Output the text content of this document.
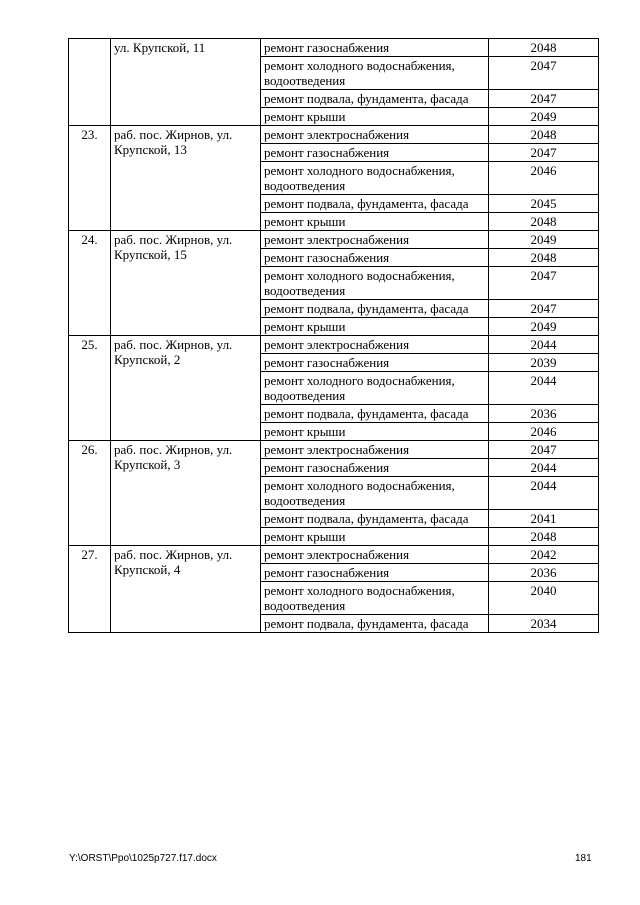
	ул. Крупской, 11	ремонт газоснабжения	2048
		ремонт холодного водоснабжения, водоотведения	2047
		ремонт подвала, фундамента, фасада	2047
		ремонт крыши	2049
23.	раб. пос. Жирнов, ул. Крупской, 13	ремонт электроснабжения	2048
		ремонт газоснабжения	2047
		ремонт холодного водоснабжения, водоотведения	2046
		ремонт подвала, фундамента, фасада	2045
		ремонт крыши	2048
24.	раб. пос. Жирнов, ул. Крупской, 15	ремонт электроснабжения	2049
		ремонт газоснабжения	2048
		ремонт холодного водоснабжения, водоотведения	2047
		ремонт подвала, фундамента, фасада	2047
		ремонт крыши	2049
25.	раб. пос. Жирнов, ул. Крупской, 2	ремонт электроснабжения	2044
		ремонт газоснабжения	2039
		ремонт холодного водоснабжения, водоотведения	2044
		ремонт подвала, фундамента, фасада	2036
		ремонт крыши	2046
26.	раб. пос. Жирнов, ул. Крупской, 3	ремонт электроснабжения	2047
		ремонт газоснабжения	2044
		ремонт холодного водоснабжения, водоотведения	2044
		ремонт подвала, фундамента, фасада	2041
		ремонт крыши	2048
27.	раб. пос. Жирнов, ул. Крупской, 4	ремонт электроснабжения	2042
		ремонт газоснабжения	2036
		ремонт холодного водоснабжения, водоотведения	2040
		ремонт подвала, фундамента, фасада	2034
Y:\ORST\Ppo\1025p727.f17.docx	181
